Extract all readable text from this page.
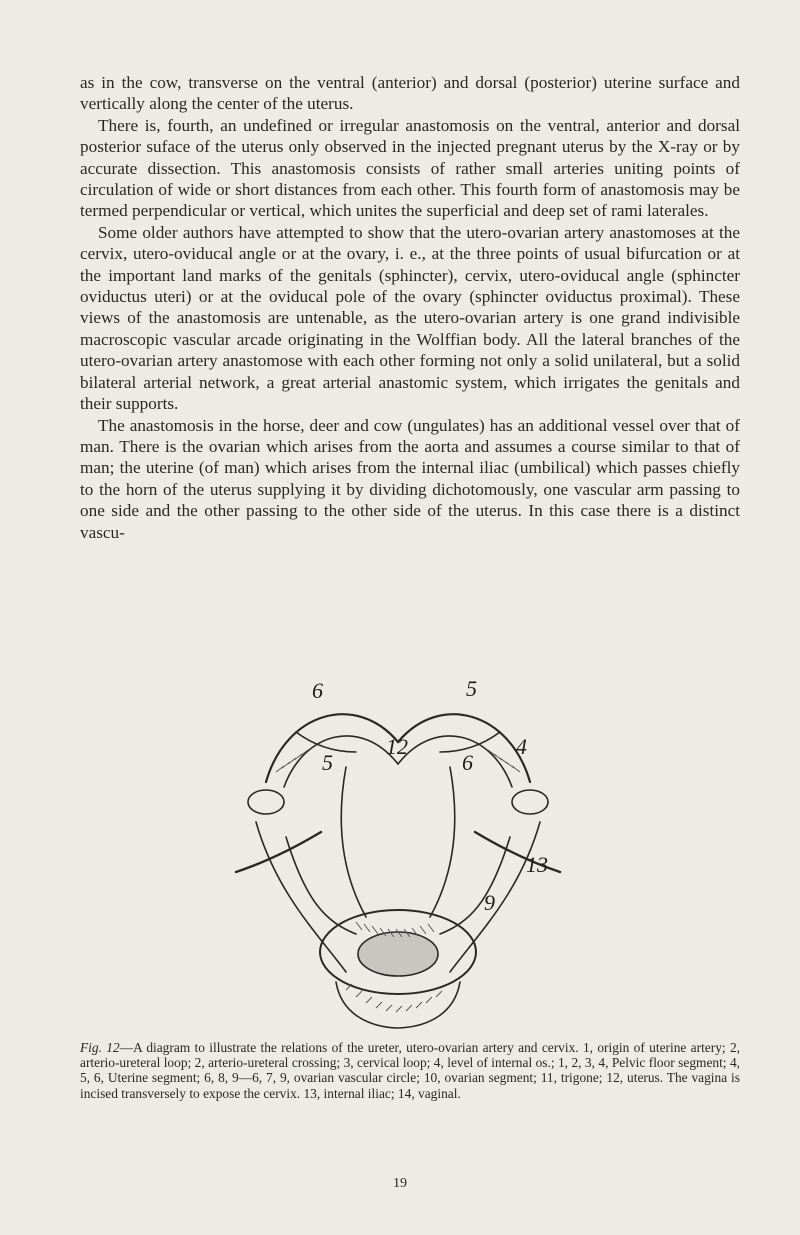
as in the cow, transverse on the ventral (anterior) and dorsal (posterior) uterine surface and vertically along the center of the uterus.

There is, fourth, an undefined or irregular anastomosis on the ventral, anterior and dorsal posterior suface of the uterus only observed in the injected pregnant uterus by the X-ray or by accurate dissection. This anastomosis consists of rather small arteries uniting points of circulation of wide or short distances from each other. This fourth form of anastomosis may be termed perpendicular or vertical, which unites the superficial and deep set of rami laterales.

Some older authors have attempted to show that the utero-ovarian artery anastomoses at the cervix, utero-oviducal angle or at the ovary, i. e., at the three points of usual bifurcation or at the important land marks of the genitals (sphincter), cervix, utero-oviducal angle (sphincter oviductus uteri) or at the oviducal pole of the ovary (sphincter oviductus proximal). These views of the anastomosis are untenable, as the utero-ovarian artery is one grand indivisible macroscopic vascular arcade originating in the Wolffian body. All the lateral branches of the utero-ovarian artery anastomose with each other forming not only a solid unilateral, but a solid bilateral arterial network, a great arterial anastomic system, which irrigates the genitals and their supports.

The anastomosis in the horse, deer and cow (ungulates) has an additional vessel over that of man. There is the ovarian which arises from the aorta and assumes a course similar to that of man; the uterine (of man) which arises from the internal iliac (umbilical) which passes chiefly to the horn of the uterus supplying it by dividing dichotomously, one vascular arm passing to one side and the other passing to the other side of the uterus. In this case there is a distinct vascu-

6
5
12
5
6
4
13
9
Fig. 12—A diagram to illustrate the relations of the ureter, utero-ovarian artery and cervix. 1, origin of uterine artery; 2, arterio-ureteral loop; 2, arterio-ureteral crossing; 3, cervical loop; 4, level of internal os.; 1, 2, 3, 4, Pelvic floor segment; 4, 5, 6, Uterine segment; 6, 8, 9—6, 7, 9, ovarian vascular circle; 10, ovarian segment; 11, trigone; 12, uterus. The vagina is incised transversely to expose the cervix. 13, internal iliac; 14, vaginal.
19
